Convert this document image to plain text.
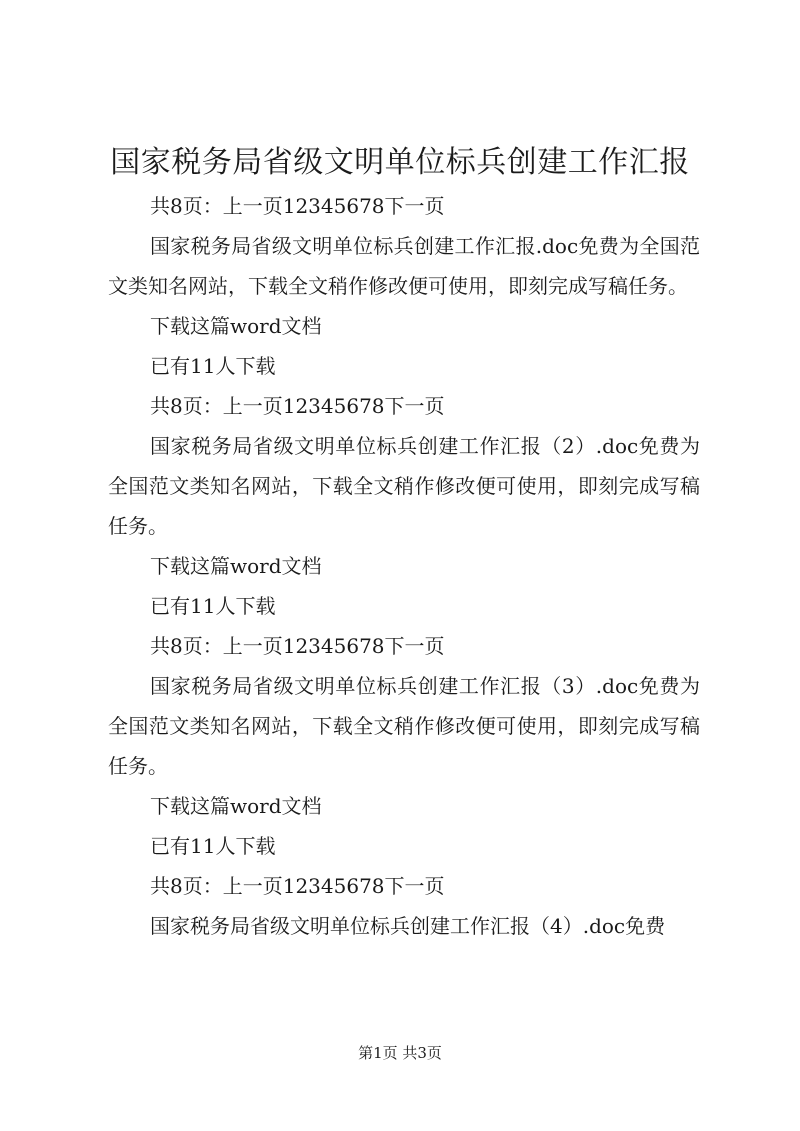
国家税务局省级文明单位标兵创建工作汇报

共8页：上一页12345678下一页

国家税务局省级文明单位标兵创建工作汇报.doc免费为全国范文类知名网站，下载全文稍作修改便可使用，即刻完成写稿任务。

下载这篇word文档

已有11人下载

共8页：上一页12345678下一页

国家税务局省级文明单位标兵创建工作汇报（2）.doc免费为全国范文类知名网站，下载全文稍作修改便可使用，即刻完成写稿任务。

下载这篇word文档

已有11人下载

共8页：上一页12345678下一页

国家税务局省级文明单位标兵创建工作汇报（3）.doc免费为全国范文类知名网站，下载全文稍作修改便可使用，即刻完成写稿任务。

下载这篇word文档

已有11人下载

共8页：上一页12345678下一页

国家税务局省级文明单位标兵创建工作汇报（4）.doc免费

第1页 共3页
